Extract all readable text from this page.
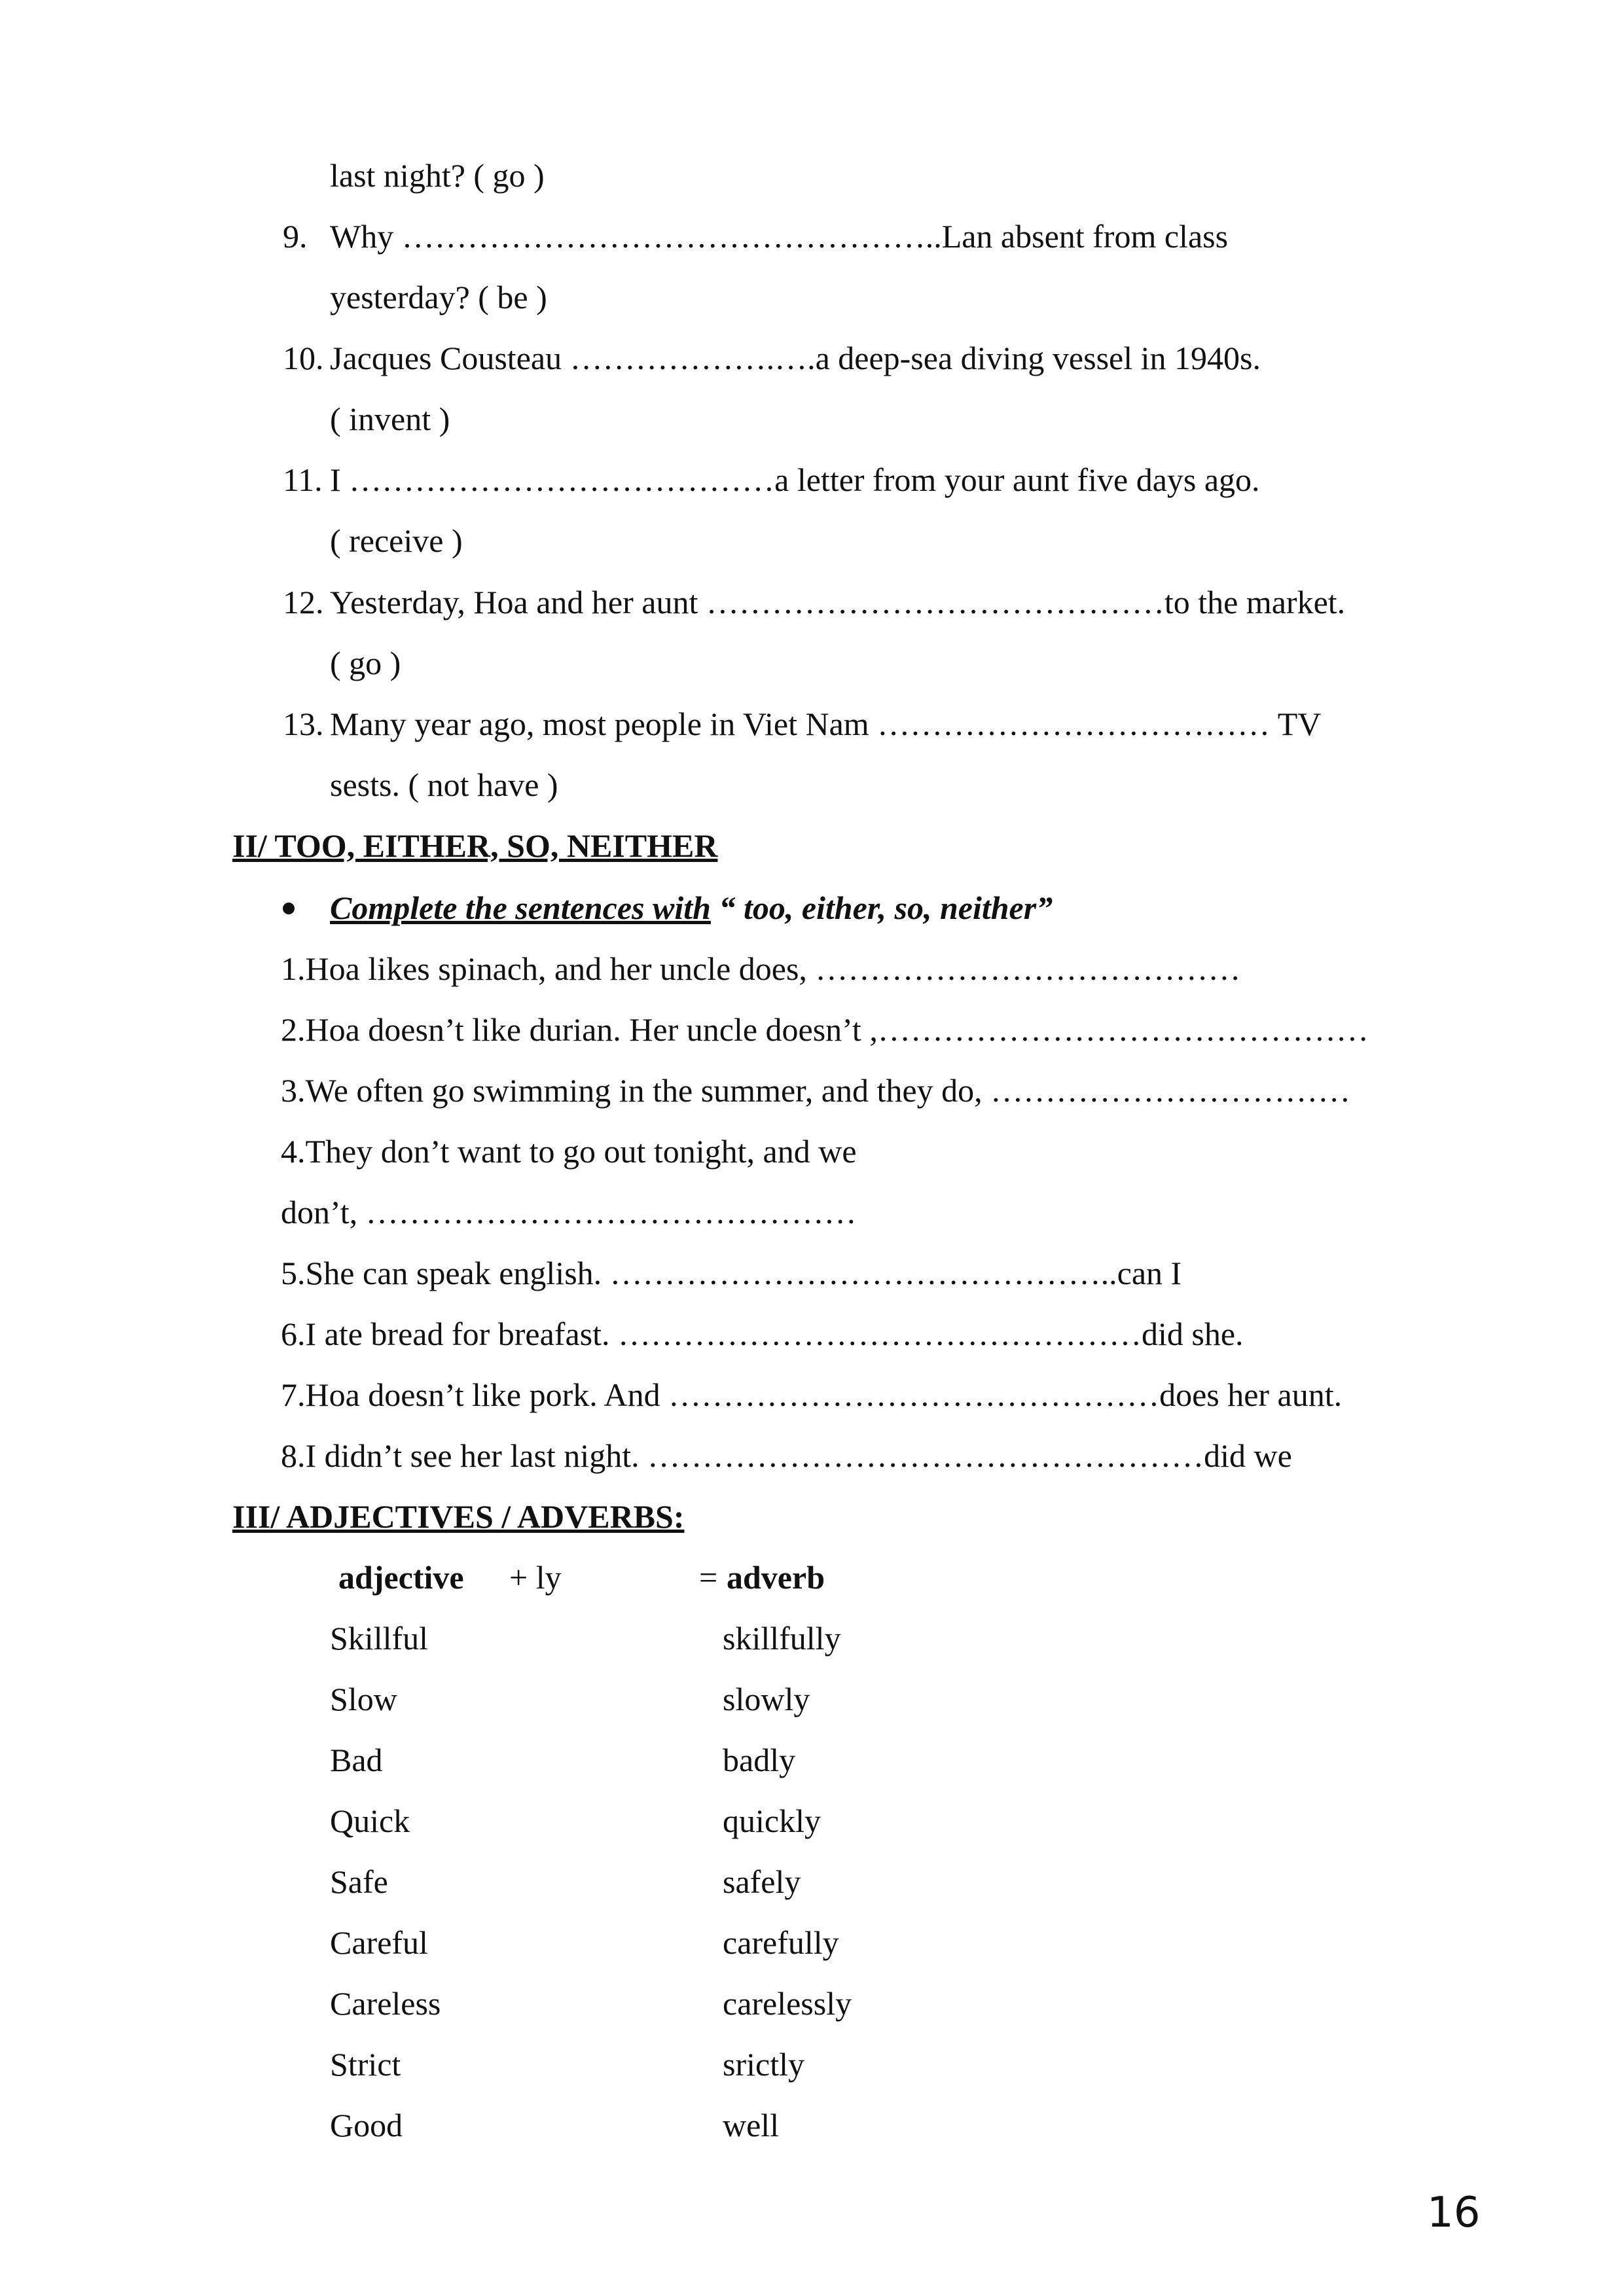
last night? ( go )
9. Why …………………………………………..Lan absent from class
yesterday? ( be )
10. Jacques Cousteau ……………….….a deep-sea diving vessel in 1940s.
( invent )
11. I …………………………………a letter from your aunt five days ago.
( receive )
12. Yesterday, Hoa and her aunt ……………………………………to the market.
( go )
13. Many year ago, most people in Viet Nam ……………………………… TV
sests. ( not have )
II/ TOO, EITHER, SO, NEITHER
Complete the sentences with “ too, either, so, neither”
1.Hoa likes spinach, and her uncle does, …………………………………
2.Hoa doesn’t like durian. Her uncle doesn’t ,………………………………………
3.We often go swimming in the summer, and they do, ……………………………
4.They don’t want to go out tonight, and we
don’t, ………………………………………
5.She can speak english. ………………………………………..can I
6.I ate bread for breafast. …………………………………………did she.
7.Hoa doesn’t like pork. And ………………………………………does her aunt.
8.I didn’t see her last night. ……………………………………………did we
III/ ADJECTIVES / ADVERBS:
adjective + ly	= adverb
Skillful	skillfully
Slow	slowly
Bad	badly
Quick	quickly
Safe	safely
Careful	carefully
Careless	carelessly
Strict	srictly
Good	well
16
